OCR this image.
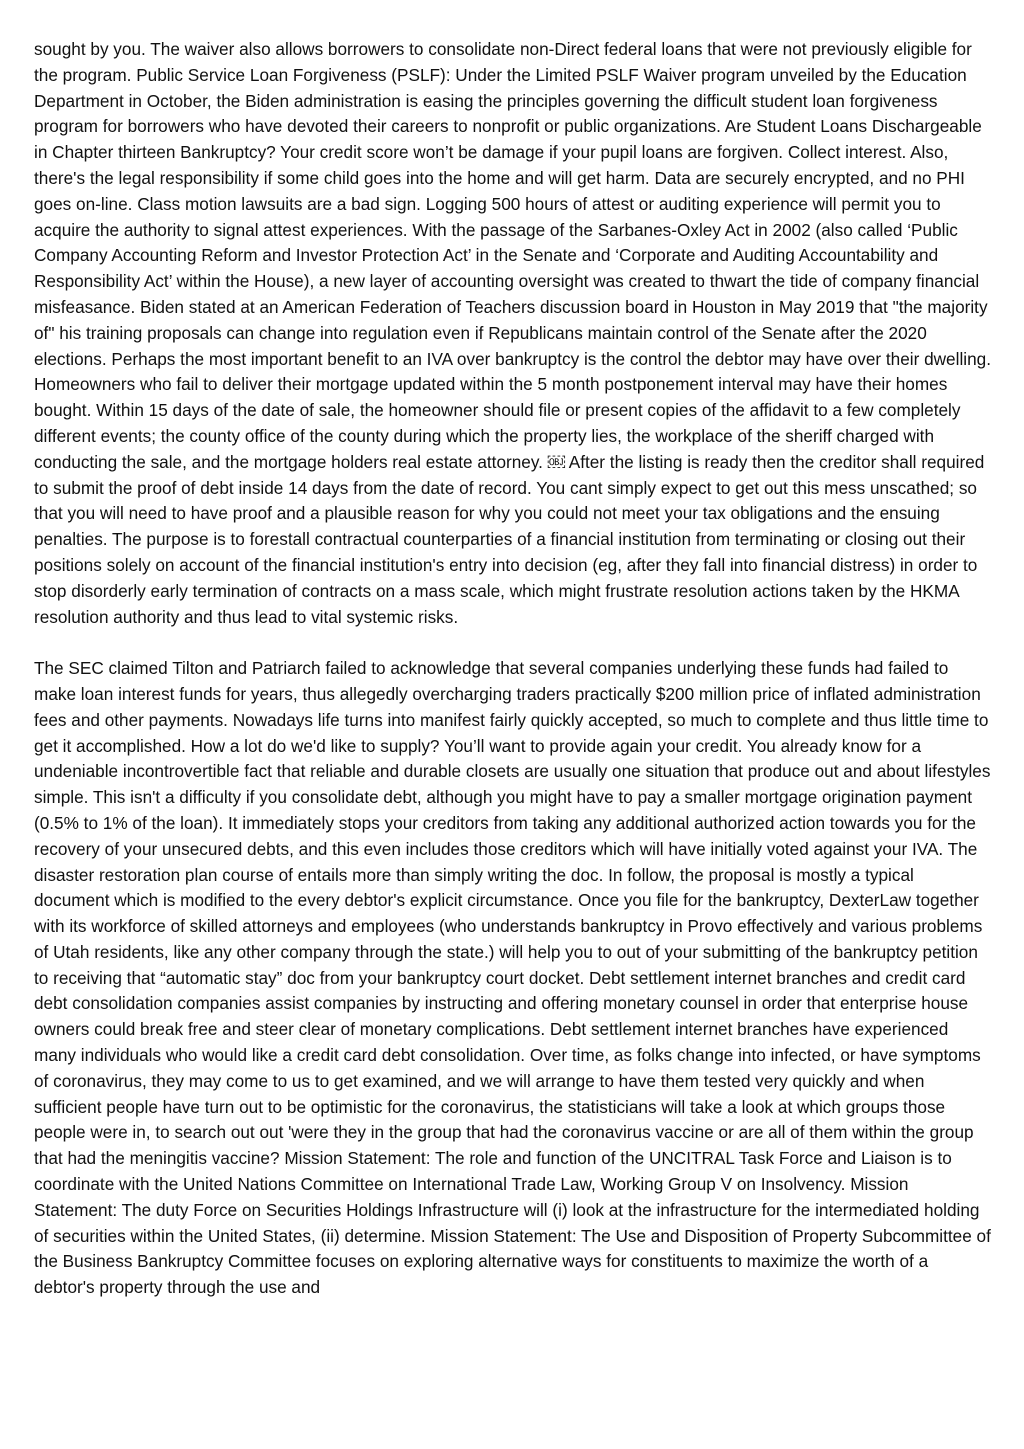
sought by you. The waiver also allows borrowers to consolidate non-Direct federal loans that were not previously eligible for the program. Public Service Loan Forgiveness (PSLF): Under the Limited PSLF Waiver program unveiled by the Education Department in October, the Biden administration is easing the principles governing the difficult student loan forgiveness program for borrowers who have devoted their careers to nonprofit or public organizations. Are Student Loans Dischargeable in Chapter thirteen Bankruptcy? Your credit score won’t be damage if your pupil loans are forgiven. Collect interest. Also, there's the legal responsibility if some child goes into the home and will get harm. Data are securely encrypted, and no PHI goes on-line. Class motion lawsuits are a bad sign. Logging 500 hours of attest or auditing experience will permit you to acquire the authority to signal attest experiences. With the passage of the Sarbanes-Oxley Act in 2002 (also called ‘Public Company Accounting Reform and Investor Protection Act’ in the Senate and ‘Corporate and Auditing Accountability and Responsibility Act’ within the House), a new layer of accounting oversight was created to thwart the tide of company financial misfeasance. Biden stated at an American Federation of Teachers discussion board in Houston in May 2019 that "the majority of" his training proposals can change into regulation even if Republicans maintain control of the Senate after the 2020 elections. Perhaps the most important benefit to an IVA over bankruptcy is the control the debtor may have over their dwelling. Homeowners who fail to deliver their mortgage updated within the 5 month postponement interval may have their homes bought. Within 15 days of the date of sale, the homeowner should file or present copies of the affidavit to a few completely different events; the county office of the county during which the property lies, the workplace of the sheriff charged with conducting the sale, and the mortgage holders real estate attorney. ￼ After the listing is ready then the creditor shall required to submit the proof of debt inside 14 days from the date of record. You cant simply expect to get out this mess unscathed; so that you will need to have proof and a plausible reason for why you could not meet your tax obligations and the ensuing penalties. The purpose is to forestall contractual counterparties of a financial institution from terminating or closing out their positions solely on account of the financial institution's entry into decision (eg, after they fall into financial distress) in order to stop disorderly early termination of contracts on a mass scale, which might frustrate resolution actions taken by the HKMA resolution authority and thus lead to vital systemic risks.

The SEC claimed Tilton and Patriarch failed to acknowledge that several companies underlying these funds had failed to make loan interest funds for years, thus allegedly overcharging traders practically $200 million price of inflated administration fees and other payments. Nowadays life turns into manifest fairly quickly accepted, so much to complete and thus little time to get it accomplished. How a lot do we'd like to supply? You’ll want to provide again your credit. You already know for a undeniable incontrovertible fact that reliable and durable closets are usually one situation that produce out and about lifestyles simple. This isn't a difficulty if you consolidate debt, although you might have to pay a smaller mortgage origination payment (0.5% to 1% of the loan). It immediately stops your creditors from taking any additional authorized action towards you for the recovery of your unsecured debts, and this even includes those creditors which will have initially voted against your IVA. The disaster restoration plan course of entails more than simply writing the doc. In follow, the proposal is mostly a typical document which is modified to the every debtor's explicit circumstance. Once you file for the bankruptcy, DexterLaw together with its workforce of skilled attorneys and employees (who understands bankruptcy in Provo effectively and various problems of Utah residents, like any other company through the state.) will help you to out of your submitting of the bankruptcy petition to receiving that “automatic stay” doc from your bankruptcy court docket. Debt settlement internet branches and credit card debt consolidation companies assist companies by instructing and offering monetary counsel in order that enterprise house owners could break free and steer clear of monetary complications. Debt settlement internet branches have experienced many individuals who would like a credit card debt consolidation. Over time, as folks change into infected, or have symptoms of coronavirus, they may come to us to get examined, and we will arrange to have them tested very quickly and when sufficient people have turn out to be optimistic for the coronavirus, the statisticians will take a look at which groups those people were in, to search out out 'were they in the group that had the coronavirus vaccine or are all of them within the group that had the meningitis vaccine? Mission Statement: The role and function of the UNCITRAL Task Force and Liaison is to coordinate with the United Nations Committee on International Trade Law, Working Group V on Insolvency. Mission Statement: The duty Force on Securities Holdings Infrastructure will (i) look at the infrastructure for the intermediated holding of securities within the United States, (ii) determine. Mission Statement: The Use and Disposition of Property Subcommittee of the Business Bankruptcy Committee focuses on exploring alternative ways for constituents to maximize the worth of a debtor's property through the use and
